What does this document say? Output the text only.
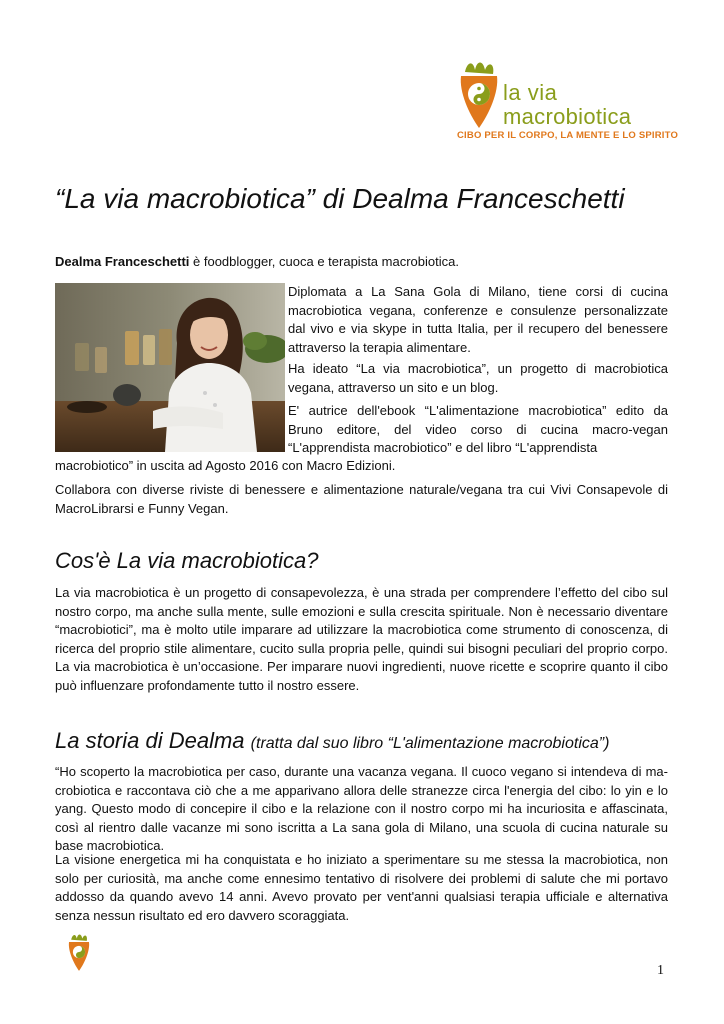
la via
macrobiotica
CIBO PER IL CORPO, LA MENTE E LO SPIRITO
“La via macrobiotica” di Dealma Franceschetti
Dealma Franceschetti è foodblogger, cuoca e terapista macrobiotica.
Diplomata a La Sana Gola di Milano, tiene corsi di cucina macrobiotica vegana, conferenze e consulenze personalizzate dal vivo e via skype in tutta Italia, per il recupero del benessere attraverso la terapia alimentare.
Ha ideato “La via macrobiotica”, un progetto di macrobiotica vegana, attraverso un sito e un blog.
E' autrice dell'ebook “L'alimentazione macrobiotica” edito da Bruno editore, del video corso di cucina macro-vegan “L'apprendista macrobiotico” e del libro “L'apprendista
macrobiotico” in uscita ad Agosto 2016 con Macro Edizioni.
Collabora con diverse riviste di benessere e alimentazione naturale/vegana tra cui Vivi Consapevole di MacroLibrarsi e Funny Vegan.
Cos'è La via macrobiotica?
La via macrobiotica è un progetto di consapevolezza, è una strada per comprendere l’effetto del cibo sul nostro corpo, ma anche sulla mente, sulle emozioni e sulla crescita spirituale. Non è necessario diventare “macrobiotici”, ma è molto utile imparare ad utilizzare la macrobiotica come strumento di conoscenza, di ricerca del proprio stile alimentare, cucito sulla propria pelle, quindi sui bisogni peculiari del proprio corpo. La via macrobiotica è un’occasione. Per imparare nuovi ingredienti, nuove ricette e scoprire quanto il cibo può influenzare profondamente tutto il nostro essere.
La storia di Dealma (tratta dal suo libro “L'alimentazione macrobiotica”)
“Ho scoperto la macrobiotica per caso, durante una vacanza vegana. Il cuoco vegano si intendeva di ma-crobiotica e raccontava ciò che a me apparivano allora delle stranezze circa l'energia del cibo: lo yin e lo yang. Questo modo di concepire il cibo e la relazione con il nostro corpo mi ha incuriosita e affascinata, così al rientro dalle vacanze mi sono iscritta a La sana gola di Milano, una scuola di cucina naturale su base macrobiotica.
La visione energetica mi ha conquistata e ho iniziato a sperimentare su me stessa la macrobiotica, non solo per curiosità, ma anche come ennesimo tentativo di risolvere dei problemi di salute che mi portavo addosso da quando avevo 14 anni. Avevo provato per vent'anni qualsiasi terapia ufficiale e alternativa senza nessun risultato ed ero davvero scoraggiata.
1
